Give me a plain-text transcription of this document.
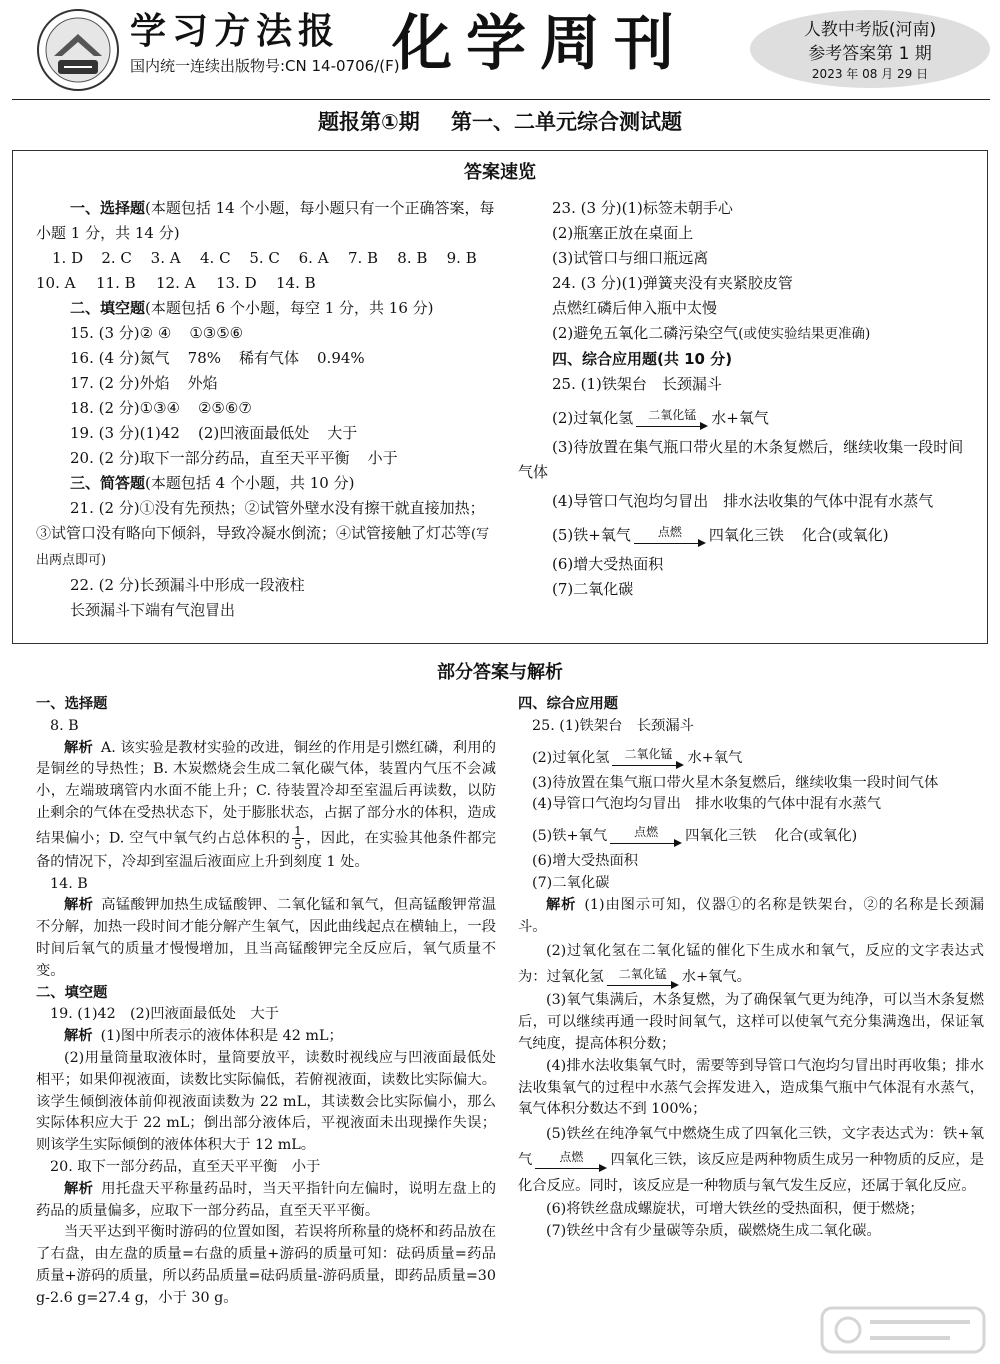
学习方法报
国内统一连续出版物号:CN 14-0706/(F)
化学周刊	人教中考版(河南)
参考答案第 1 期
2023 年 08 月 29 日
题报第①期 第一、二单元综合测试题
答案速览
一、选择题(本题包括 14 个小题，每小题只有一个正确答案，每小题 1 分，共 14 分)
1. D	2. C	3. A	4. C	5. C	6. A	7. B	8. B	9. B
10. A	11. B	12. A	13. D	14. B
二、填空题(本题包括 6 个小题，每空 1 分，共 16 分)
15. (3 分)② ④ ①③⑤⑥
16. (4 分)氮气 78% 稀有气体 0.94%
17. (2 分)外焰 外焰
18. (2 分)①③④ ②⑤⑥⑦
19. (3 分)(1)42 (2)凹液面最低处 大于
20. (2 分)取下一部分药品，直至天平平衡 小于
三、简答题(本题包括 4 个小题，共 10 分)
21. (2 分)①没有先预热；②试管外壁水没有擦干就直接加热；③试管口没有略向下倾斜，导致冷凝水倒流；④试管接触了灯芯等(写出两点即可)
22. (2 分)长颈漏斗中形成一段液柱
长颈漏斗下端有气泡冒出
23. (3 分)(1)标签未朝手心
(2)瓶塞正放在桌面上
(3)试管口与细口瓶远离
24. (3 分)(1)弹簧夹没有夹紧胶皮管
点燃红磷后伸入瓶中太慢
(2)避免五氧化二磷污染空气(或使实验结果更准确)
四、综合应用题(共 10 分)
25. (1)铁架台　长颈漏斗
(2)过氧化氢 二氧化锰 水+氧气
(3)待放置在集气瓶口带火星的木条复燃后，继续收集一段时间气体
(4)导管口气泡均匀冒出　排水法收集的气体中混有水蒸气
(5)铁+氧气 点燃 四氧化三铁 化合(或氧化)
(6)增大受热面积
(7)二氧化碳
部分答案与解析
一、选择题
8. B
解析 A. 该实验是教材实验的改进，铜丝的作用是引燃红磷，利用的是铜丝的导热性；B. 木炭燃烧会生成二氧化碳气体，装置内气压不会减小，左端玻璃管内水面不能上升；C. 待装置冷却至室温后再读数，以防止剩余的气体在受热状态下，处于膨胀状态，占据了部分水的体积，造成结果偏小；D. 空气中氧气约占总体积的 $\frac{1}{5}$ ，因此，在实验其他条件都完备的情况下，冷却到室温后液面应上升到刻度 1 处。
14. B
解析 高锰酸钾加热生成锰酸钾、二氧化锰和氧气，但高锰酸钾常温不分解，加热一段时间才能分解产生氧气，因此曲线起点在横轴上，一段时间后氧气的质量才慢慢增加，且当高锰酸钾完全反应后，氧气质量不变。
二、填空题
19. (1)42　(2)凹液面最低处　大于
解析 (1)图中所表示的液体体积是 42 mL；
(2)用量筒量取液体时，量筒要放平，读数时视线应与凹液面最低处相平；如果仰视液面，读数比实际偏低，若俯视液面，读数比实际偏大。该学生倾倒液体前仰视液面读数为 22 mL，其读数会比实际偏小，那么实际体积应大于 22 mL；倒出部分液体后，平视液面未出现操作失误；则该学生实际倾倒的液体体积大于 12 mL。
20. 取下一部分药品，直至天平平衡　小于
解析 用托盘天平称量药品时，当天平指针向左偏时，说明左盘上的药品的质量偏多，应取下一部分药品，直至天平平衡。
当天平达到平衡时游码的位置如图，若误将所称量的烧杯和药品放在了右盘，由左盘的质量=右盘的质量+游码的质量可知：砝码质量=药品质量+游码的质量，所以药品质量=砝码质量-游码质量，即药品质量=30 g-2.6 g=27.4 g，小于 30 g。
四、综合应用题
25. (1)铁架台　长颈漏斗
(2)过氧化氢 二氧化锰 水+氧气
(3)待放置在集气瓶口带火星木条复燃后，继续收集一段时间气体
(4)导管口气泡均匀冒出　排水收集的气体中混有水蒸气
(5)铁+氧气 点燃 四氧化三铁 化合(或氧化)
(6)增大受热面积
(7)二氧化碳
解析 (1)由图示可知，仪器①的名称是铁架台，②的名称是长颈漏斗。
(2)过氧化氢在二氧化锰的催化下生成水和氧气，反应的文字表达式为：过氧化氢 二氧化锰 水+氧气。
(3)氧气集满后，木条复燃，为了确保氧气更为纯净，可以当木条复燃后，可以继续再通一段时间氧气，这样可以使氧气充分集满逸出，保证氧气纯度，提高体积分数；
(4)排水法收集氧气时，需要等到导管口气泡均匀冒出时再收集；排水法收集氧气的过程中水蒸气会挥发进入，造成集气瓶中气体混有水蒸气，氧气体积分数达不到 100%；
(5)铁丝在纯净氧气中燃烧生成了四氧化三铁，文字表达式为：铁+氧气 点燃 四氧化三铁，该反应是两种物质生成另一种物质的反应，是化合反应。同时，该反应是一种物质与氧气发生反应，还属于氧化反应。
(6)将铁丝盘成螺旋状，可增大铁丝的受热面积，便于燃烧；
(7)铁丝中含有少量碳等杂质，碳燃烧生成二氧化碳。
